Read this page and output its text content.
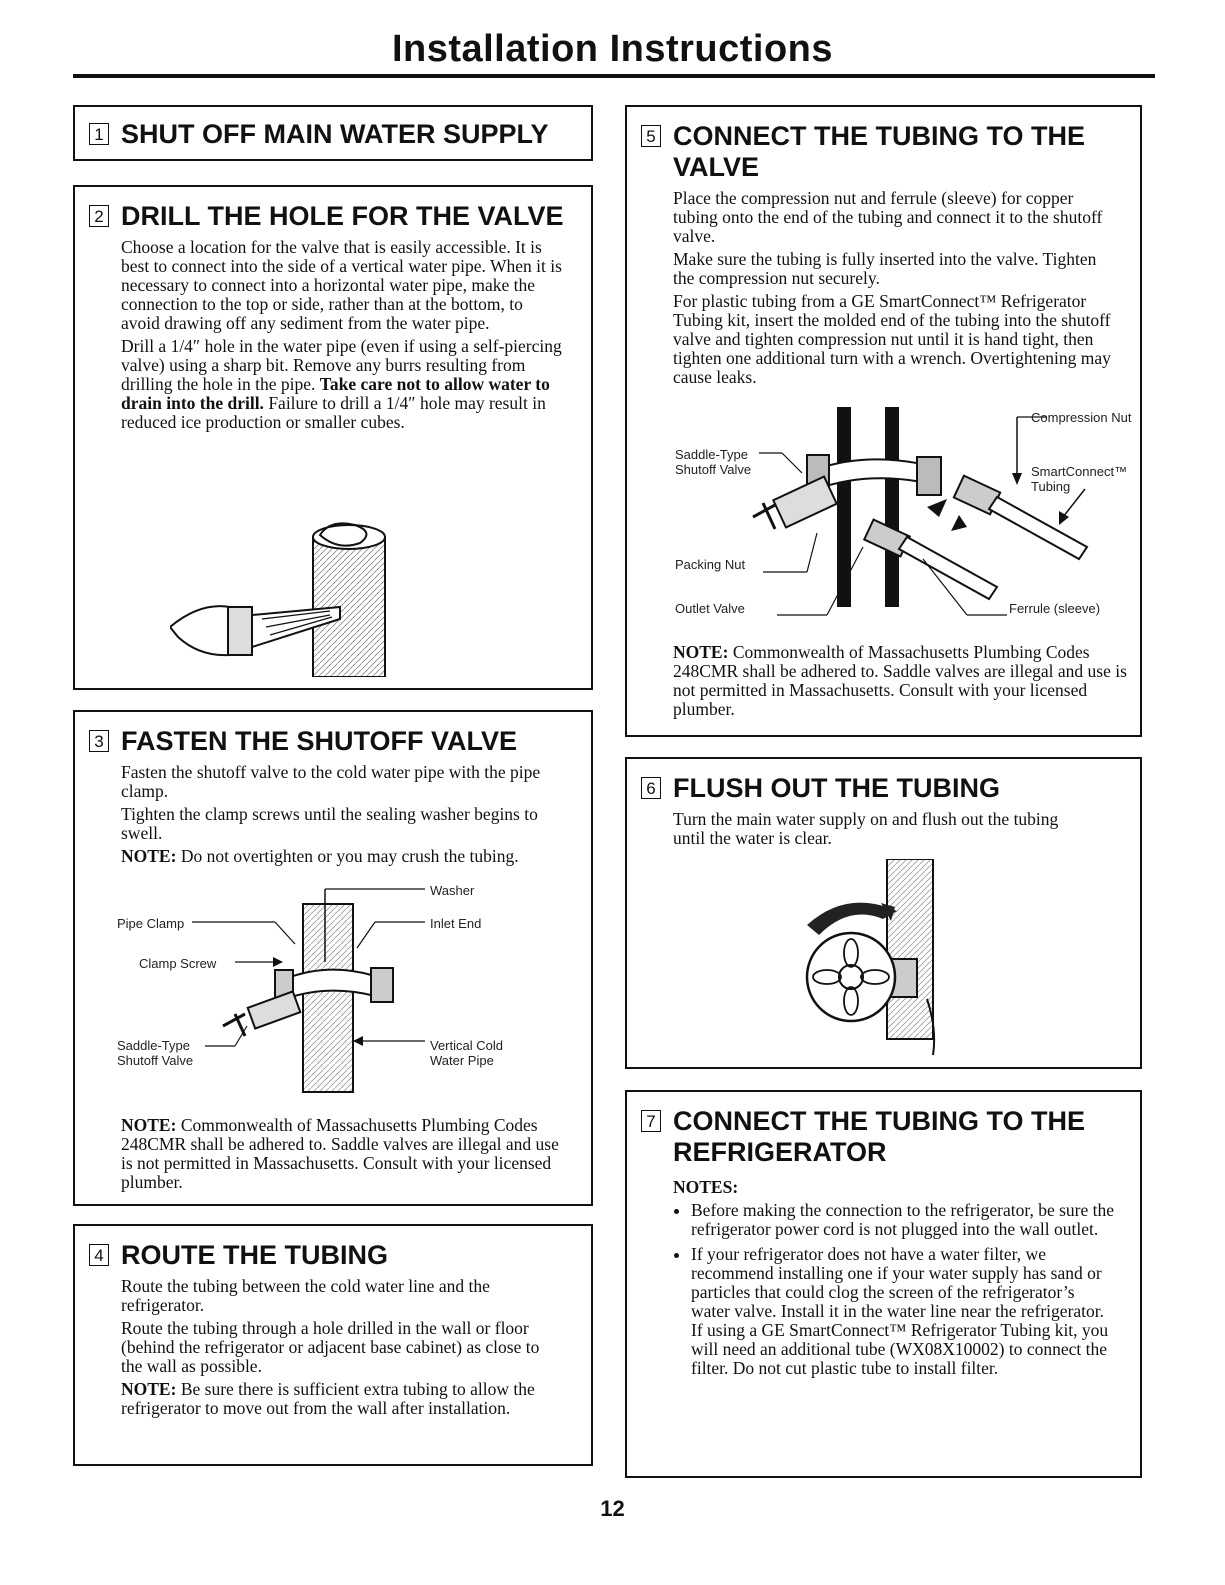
Installation Instructions
1 SHUT OFF MAIN WATER SUPPLY
2 DRILL THE HOLE FOR THE VALVE

Choose a location for the valve that is easily accessible. It is best to connect into the side of a vertical water pipe. When it is necessary to connect into a horizontal water pipe, make the connection to the top or side, rather than at the bottom, to avoid drawing off any sediment from the water pipe.

Drill a 1/4″ hole in the water pipe (even if using a self-piercing valve) using a sharp bit. Remove any burrs resulting from drilling the hole in the pipe. Take care not to allow water to drain into the drill. Failure to drill a 1/4″ hole may result in reduced ice production or smaller cubes.

3 FASTEN THE SHUTOFF VALVE

Fasten the shutoff valve to the cold water pipe with the pipe clamp.

Tighten the clamp screws until the sealing washer begins to swell.

NOTE: Do not overtighten or you may crush the tubing.

Washer
Pipe Clamp	Inlet End
Clamp Screw
Saddle-Type
Shutoff Valve
Vertical Cold
Water Pipe

NOTE: Commonwealth of Massachusetts Plumbing Codes 248CMR shall be adhered to. Saddle valves are illegal and use is not permitted in Massachusetts. Consult with your licensed plumber.

4 ROUTE THE TUBING

Route the tubing between the cold water line and the refrigerator.

Route the tubing through a hole drilled in the wall or floor (behind the refrigerator or adjacent base cabinet) as close to the wall as possible.

NOTE: Be sure there is sufficient extra tubing to allow the refrigerator to move out from the wall after installation.

5 CONNECT THE TUBING TO THE
VALVE

Place the compression nut and ferrule (sleeve) for copper tubing onto the end of the tubing and connect it to the shutoff valve.

Make sure the tubing is fully inserted into the valve. Tighten the compression nut securely.

For plastic tubing from a GE SmartConnect™ Refrigerator Tubing kit, insert the molded end of the tubing into the shutoff valve and tighten compression nut until it is hand tight, then tighten one additional turn with a wrench. Overtightening may cause leaks.

Compression Nut
Saddle-Type
Shutoff Valve	SmartConnect™
Tubing
Packing Nut
Outlet Valve	Ferrule (sleeve)

NOTE: Commonwealth of Massachusetts Plumbing Codes 248CMR shall be adhered to. Saddle valves are illegal and use is not permitted in Massachusetts. Consult with your licensed plumber.

6 FLUSH OUT THE TUBING

Turn the main water supply on and flush out the tubing until the water is clear.

7 CONNECT THE TUBING TO THE
REFRIGERATOR

NOTES:

• Before making the connection to the refrigerator, be sure the refrigerator power cord is not plugged into the wall outlet.
• If your refrigerator does not have a water filter, we recommend installing one if your water supply has sand or particles that could clog the screen of the refrigerator’s water valve. Install it in the water line near the refrigerator. If using a GE SmartConnect™ Refrigerator Tubing kit, you will need an additional tube (WX08X10002) to connect the filter. Do not cut plastic tube to install filter.
12
